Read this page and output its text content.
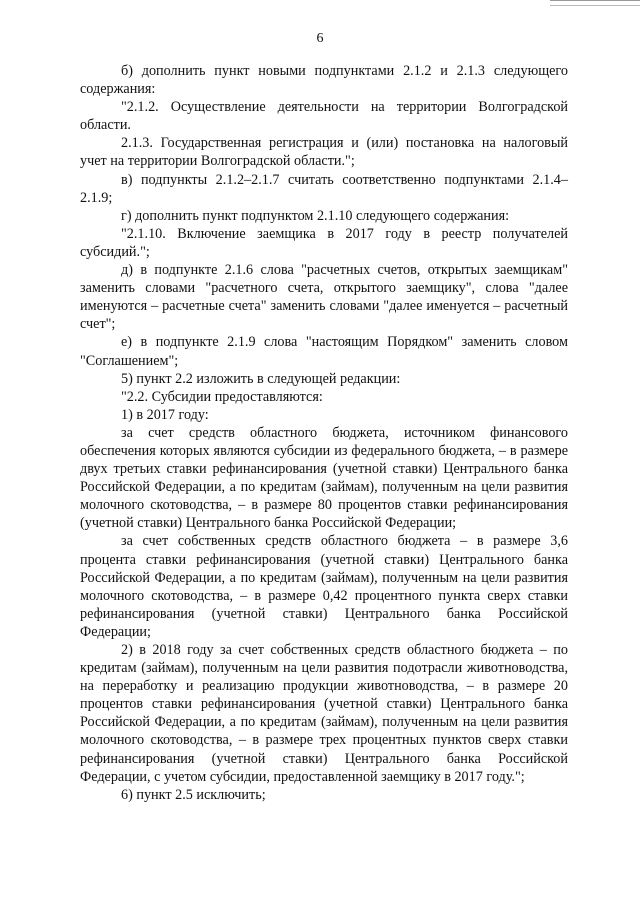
6

б) дополнить пункт новыми подпунктами 2.1.2 и 2.1.3 следующего содержания:

"2.1.2. Осуществление деятельности на территории Волгоградской области.

2.1.3. Государственная регистрация и (или) постановка на налоговый учет на территории Волгоградской области.";

в) подпункты 2.1.2–2.1.7 считать соответственно подпунктами 2.1.4–2.1.9;

г) дополнить пункт подпунктом 2.1.10 следующего содержания:

"2.1.10. Включение заемщика в 2017 году в реестр получателей субсидий.";

д) в подпункте 2.1.6 слова "расчетных счетов, открытых заемщикам" заменить словами "расчетного счета, открытого заемщику", слова "далее именуются – расчетные счета" заменить словами "далее именуется – расчетный счет";

е) в подпункте 2.1.9 слова "настоящим Порядком" заменить словом "Соглашением";

5) пункт 2.2 изложить в следующей редакции:

"2.2. Субсидии предоставляются:

1) в 2017 году:

за счет средств областного бюджета, источником финансового обеспечения которых являются субсидии из федерального бюджета, – в размере двух третьих ставки рефинансирования (учетной ставки) Центрального банка Российской Федерации, а по кредитам (займам), полученным на цели развития молочного скотоводства, – в размере 80 процентов ставки рефинансирования (учетной ставки) Центрального банка Российской Федерации;

за счет собственных средств областного бюджета – в размере 3,6 процента ставки рефинансирования (учетной ставки) Центрального банка Российской Федерации, а по кредитам (займам), полученным на цели развития молочного скотоводства, – в размере 0,42 процентного пункта сверх ставки рефинансирования (учетной ставки) Центрального банка Российской Федерации;

2) в 2018 году за счет собственных средств областного бюджета – по кредитам (займам), полученным на цели развития подотрасли животноводства, на переработку и реализацию продукции животноводства, – в размере 20 процентов ставки рефинансирования (учетной ставки) Центрального банка Российской Федерации, а по кредитам (займам), полученным на цели развития молочного скотоводства, – в размере трех процентных пунктов сверх ставки рефинансирования (учетной ставки) Центрального банка Российской Федерации, с учетом субсидии, предоставленной заемщику в 2017 году.";

6) пункт 2.5 исключить;
